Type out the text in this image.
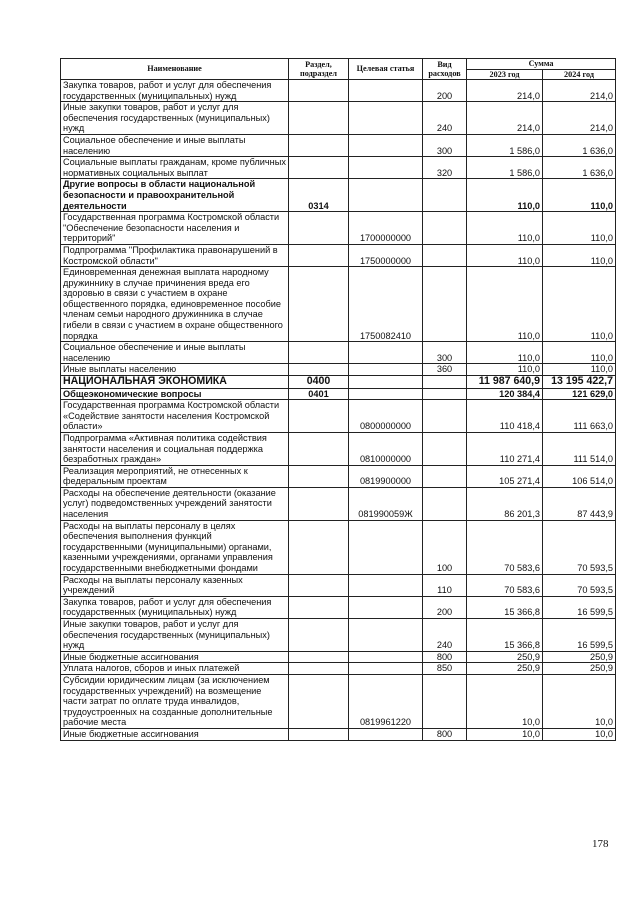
Наименование	Раздел, подраздел	Целевая статья	Вид расходов	Сумма	
				2023 год	2024 год
Закупка товаров, работ и услуг для обеспечения государственных (муниципальных) нужд			200	214,0	214,0
Иные закупки товаров, работ и услуг для обеспечения государственных (муниципальных) нужд			240	214,0	214,0
Социальное обеспечение и иные выплаты населению			300	1 586,0	1 636,0
Социальные выплаты гражданам, кроме публичных нормативных социальных выплат			320	1 586,0	1 636,0
Другие вопросы в области национальной безопасности и правоохранительной деятельности	0314			110,0	110,0
Государственная программа Костромской области "Обеспечение безопасности населения и территорий"		1700000000		110,0	110,0
Подпрограмма "Профилактика правонарушений в Костромской области"		1750000000		110,0	110,0
Единовременная денежная выплата народному дружиннику в случае причинения вреда его здоровью в связи с участием в охране общественного порядка, единовременное пособие членам семьи народного дружинника в случае гибели в связи с участием в охране общественного порядка		1750082410		110,0	110,0
Социальное обеспечение и иные выплаты населению			300	110,0	110,0
Иные выплаты населению			360	110,0	110,0
НАЦИОНАЛЬНАЯ ЭКОНОМИКА	0400			11 987 640,9	13 195 422,7
Общеэкономические вопросы	0401			120 384,4	121 629,0
Государственная программа Костромской области «Содействие занятости населения Костромской области»		0800000000		110 418,4	111 663,0
Подпрограмма «Активная политика содействия занятости населения и социальная поддержка безработных граждан»		0810000000		110 271,4	111 514,0
Реализация мероприятий, не отнесенных к федеральным проектам		0819900000		105 271,4	106 514,0
Расходы на обеспечение деятельности (оказание услуг) подведомственных учреждений занятости населения		081990059Ж		86 201,3	87 443,9
Расходы на выплаты персоналу в целях обеспечения выполнения функций государственными (муниципальными) органами, казенными учреждениями, органами управления государственными внебюджетными фондами			100	70 583,6	70 593,5
Расходы на выплаты персоналу казенных учреждений			110	70 583,6	70 593,5
Закупка товаров, работ и услуг для обеспечения государственных (муниципальных) нужд			200	15 366,8	16 599,5
Иные закупки товаров, работ и услуг для обеспечения государственных (муниципальных) нужд			240	15 366,8	16 599,5
Иные бюджетные ассигнования			800	250,9	250,9
Уплата налогов, сборов и иных платежей			850	250,9	250,9
Субсидии юридическим лицам (за исключением государственных учреждений) на возмещение части затрат по оплате труда инвалидов, трудоустроенных на созданные дополнительные рабочие места		0819961220		10,0	10,0
Иные бюджетные ассигнования			800	10,0	10,0
178
